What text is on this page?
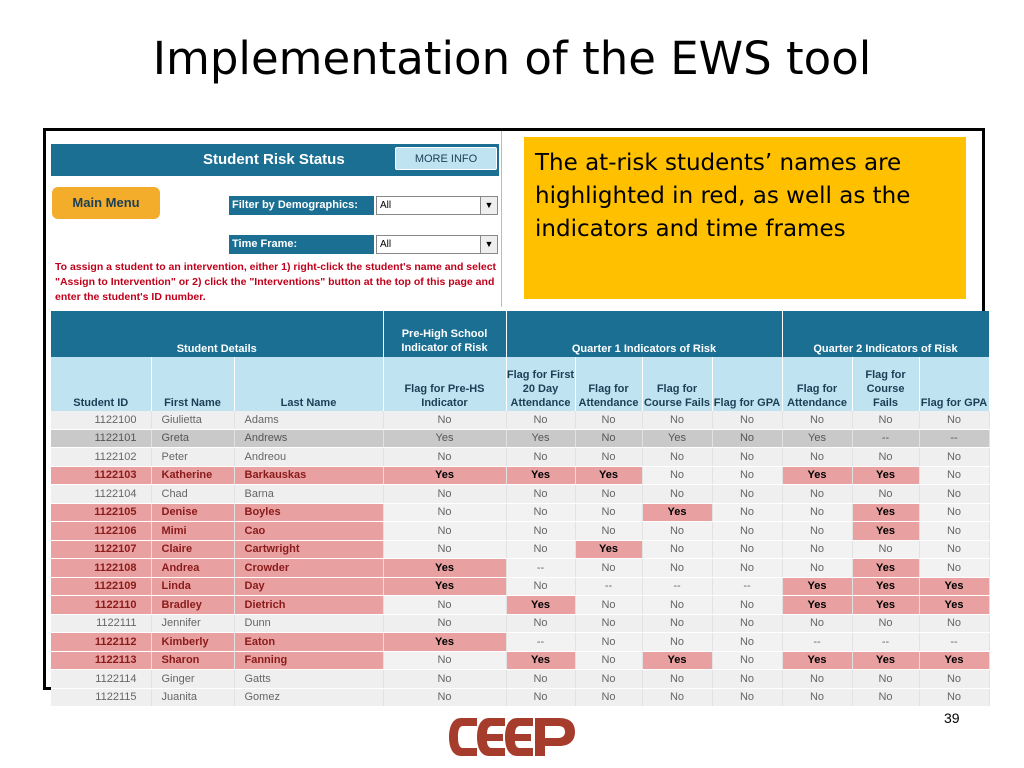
Implementation of the EWS tool
Student Risk Status	MORE INFO
Main Menu	Filter by Demographics:	All	▼
Time Frame:	All	▼
To assign a student to an intervention, either 1) right-click the student's name and select "Assign to Intervention" or 2) click the "Interventions" button at the top of this page and enter the student's ID number.
The at-risk students’ names are highlighted in red, as well as the indicators and time frames
Student Details			Pre-High School Indicator of Risk	Quarter 1 Indicators of Risk				Quarter 2 Indicators of Risk		
Student ID	First Name	Last Name	Flag for Pre-HS Indicator	Flag for First 20 Day Attendance	Flag for Attendance	Flag for Course Fails	Flag for GPA	Flag for Attendance	Flag for Course Fails	Flag for GPA
1122100	Giulietta	Adams	No	No	No	No	No	No	No	No
1122101	Greta	Andrews	Yes	Yes	No	Yes	No	Yes	--	--
1122102	Peter	Andreou	No	No	No	No	No	No	No	No
1122103	Katherine	Barkauskas	Yes	Yes	Yes	No	No	Yes	Yes	No
1122104	Chad	Barna	No	No	No	No	No	No	No	No
1122105	Denise	Boyles	No	No	No	Yes	No	No	Yes	No
1122106	Mimi	Cao	No	No	No	No	No	No	Yes	No
1122107	Claire	Cartwright	No	No	Yes	No	No	No	No	No
1122108	Andrea	Crowder	Yes	--	No	No	No	No	Yes	No
1122109	Linda	Day	Yes	No	--	--	--	Yes	Yes	Yes
1122110	Bradley	Dietrich	No	Yes	No	No	No	Yes	Yes	Yes
1122111	Jennifer	Dunn	No	No	No	No	No	No	No	No
1122112	Kimberly	Eaton	Yes	--	No	No	No	--	--	--
1122113	Sharon	Fanning	No	Yes	No	Yes	No	Yes	Yes	Yes
1122114	Ginger	Gatts	No	No	No	No	No	No	No	No
1122115	Juanita	Gomez	No	No	No	No	No	No	No	No
39
